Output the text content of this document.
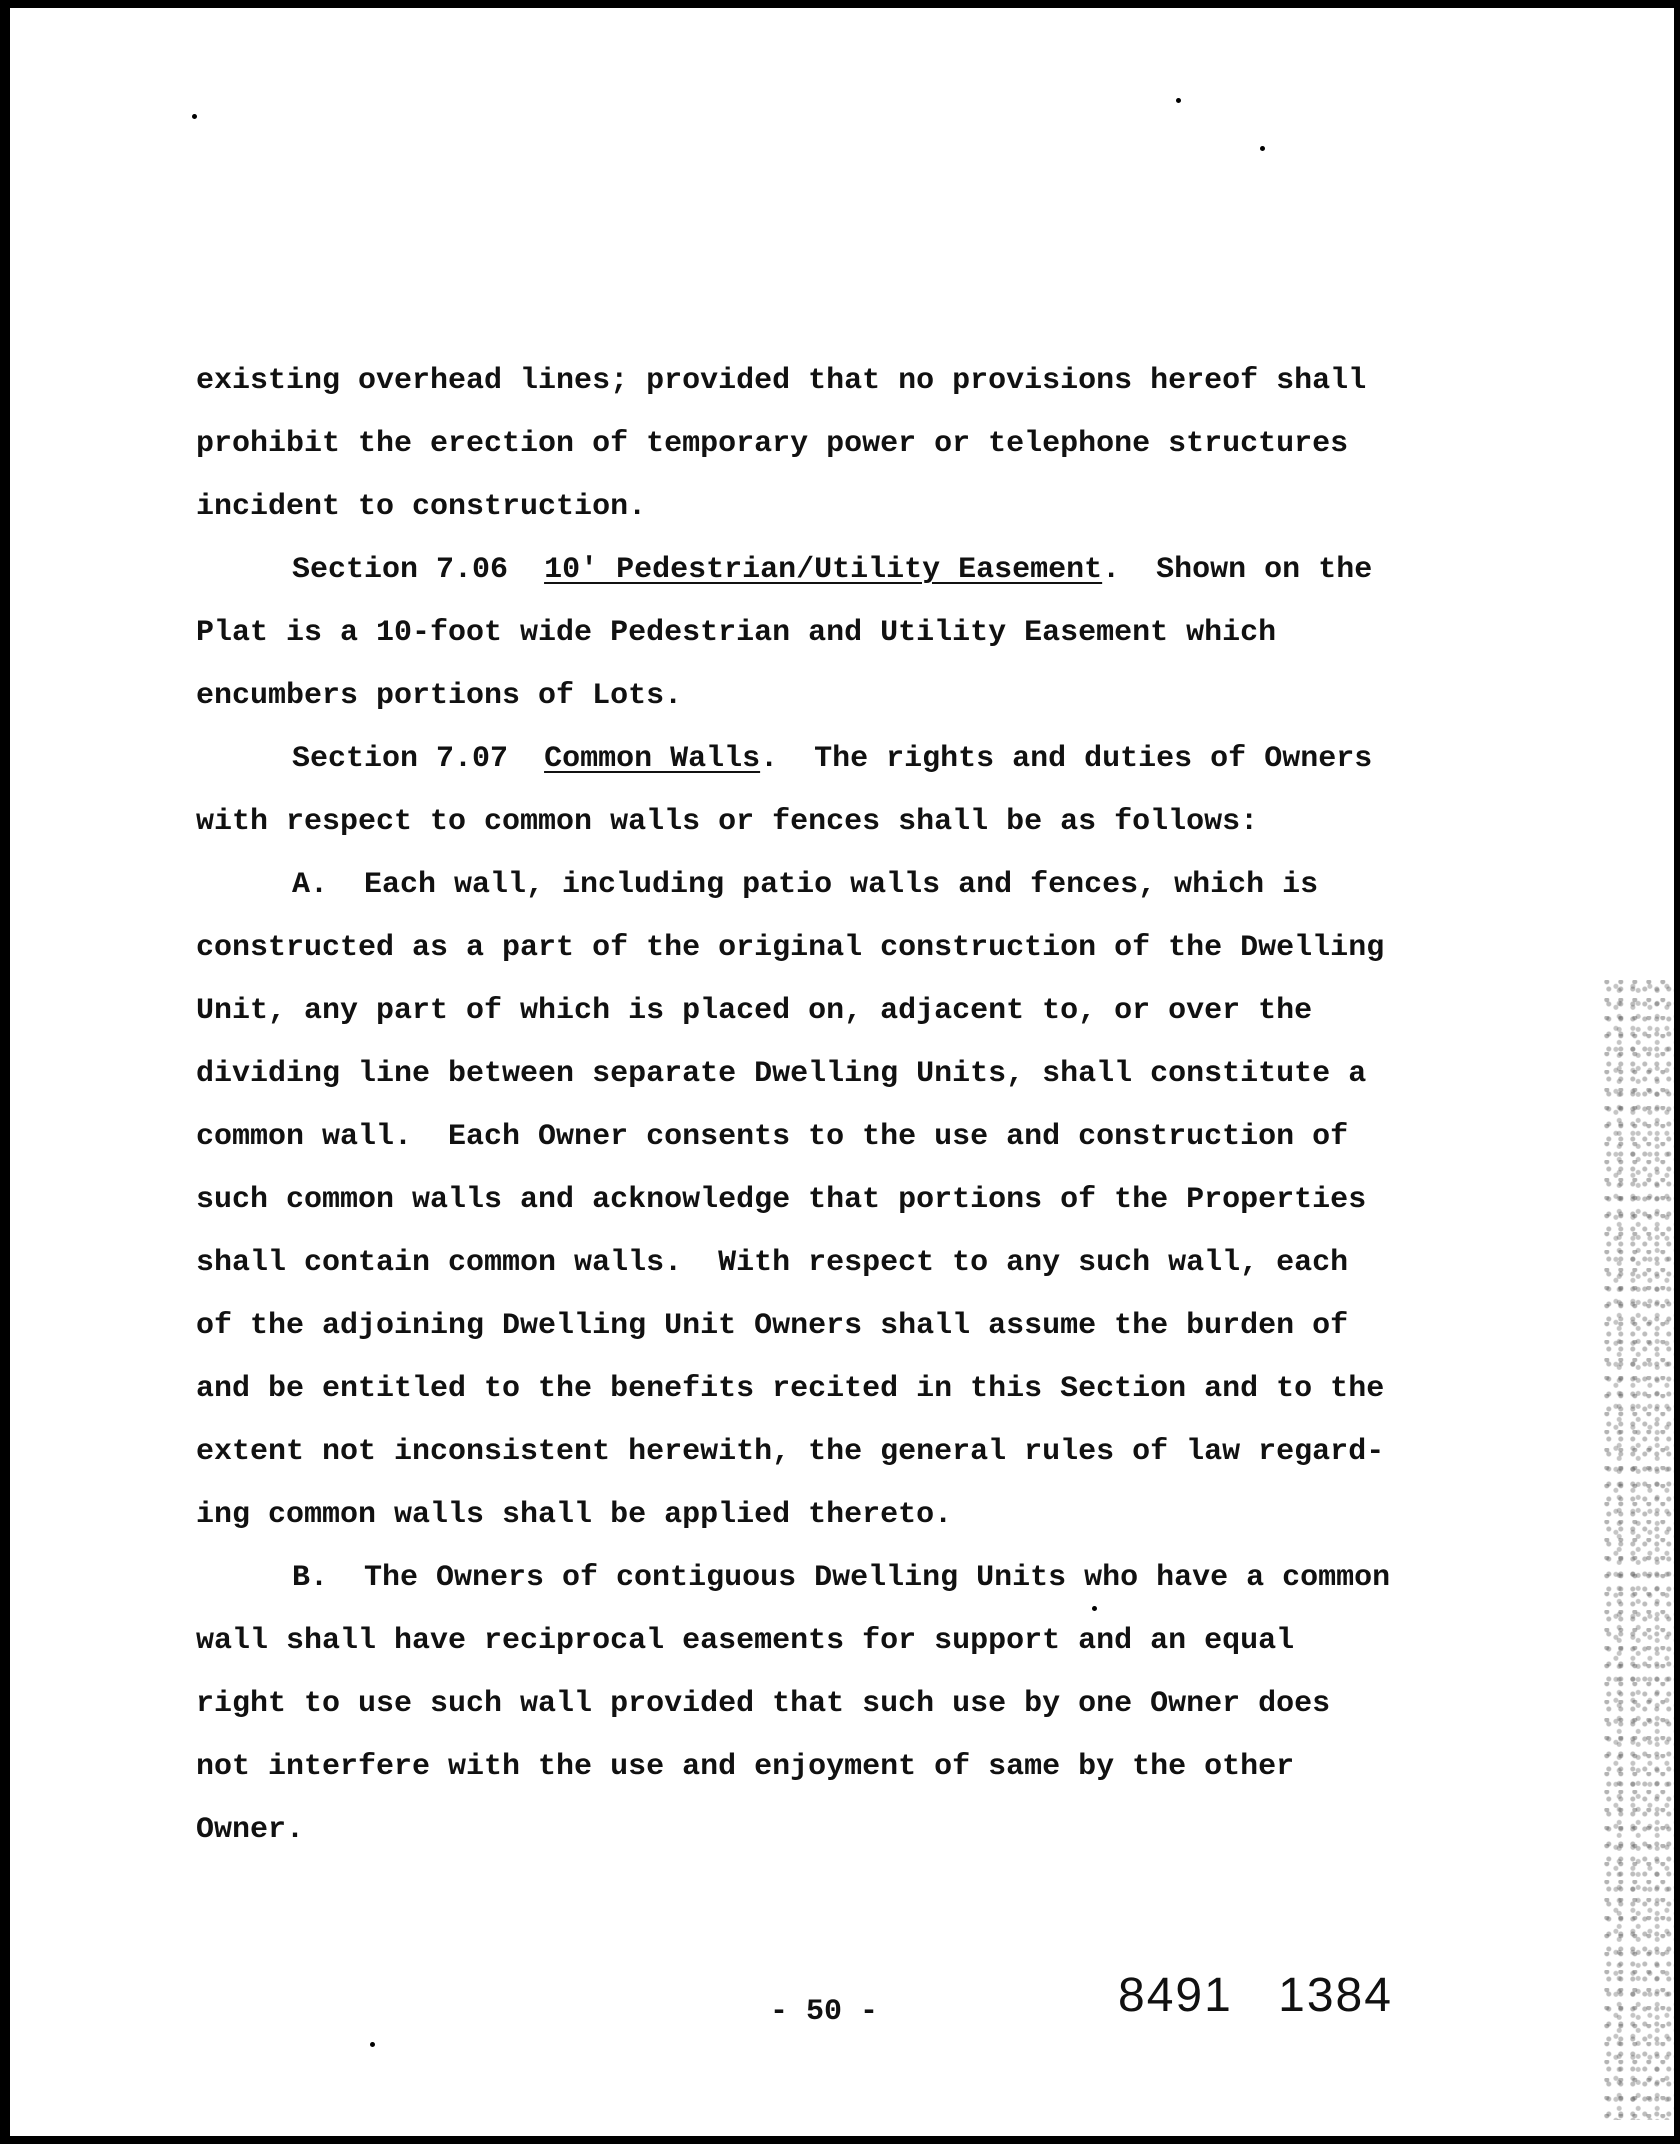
existing overhead lines; provided that no provisions hereof shall
prohibit the erection of temporary power or telephone structures
incident to construction.
Section 7.06 10' Pedestrian/Utility Easement.  Shown on the
Plat is a 10-foot wide Pedestrian and Utility Easement which
encumbers portions of Lots.
Section 7.07 Common Walls.  The rights and duties of Owners
with respect to common walls or fences shall be as follows:
A.  Each wall, including patio walls and fences, which is
constructed as a part of the original construction of the Dwelling
Unit, any part of which is placed on, adjacent to, or over the
dividing line between separate Dwelling Units, shall constitute a
common wall.  Each Owner consents to the use and construction of
such common walls and acknowledge that portions of the Properties
shall contain common walls.  With respect to any such wall, each
of the adjoining Dwelling Unit Owners shall assume the burden of
and be entitled to the benefits recited in this Section and to the
extent not inconsistent herewith, the general rules of law regard-
ing common walls shall be applied thereto.
B.  The Owners of contiguous Dwelling Units who have a common
wall shall have reciprocal easements for support and an equal
right to use such wall provided that such use by one Owner does
not interfere with the use and enjoyment of same by the other
Owner.
- 50 -	8491 1384
